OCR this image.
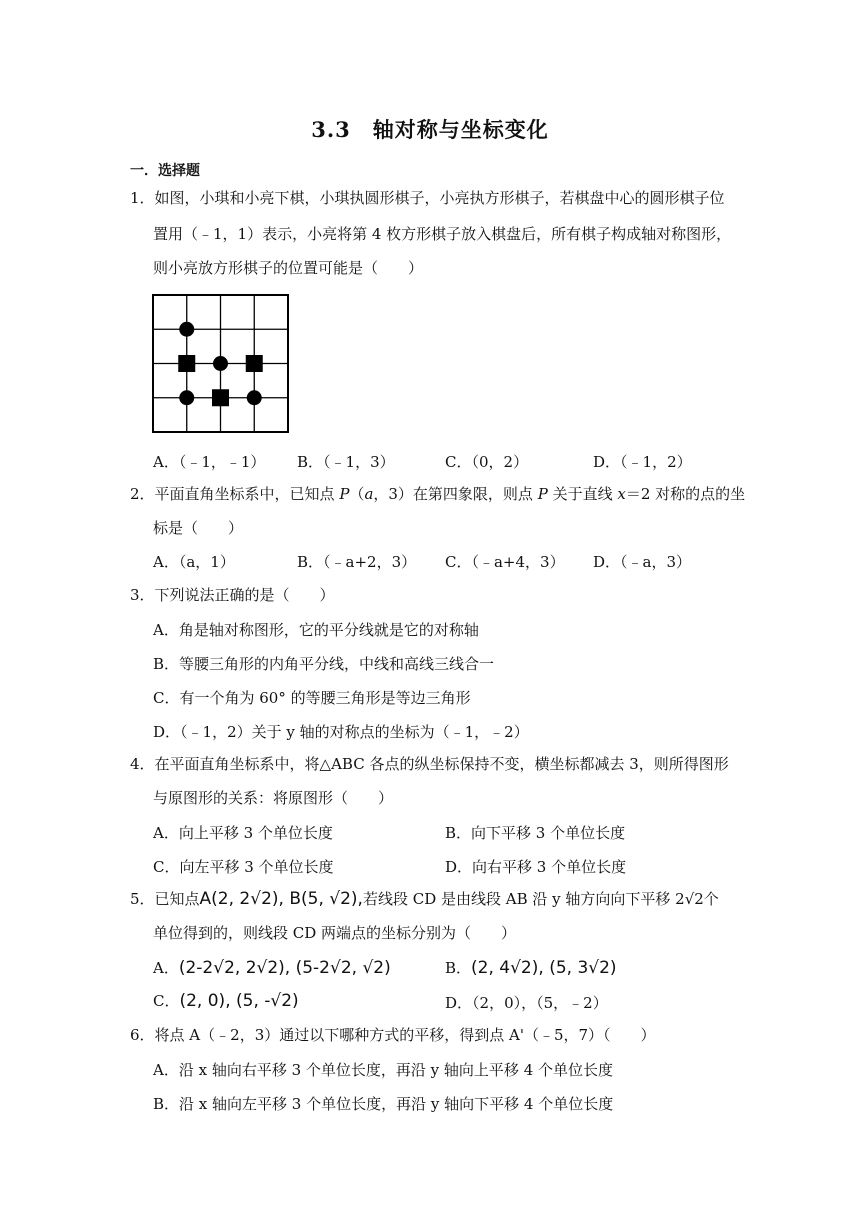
3.3　轴对称与坐标变化
一．选择题
1．如图，小琪和小亮下棋，小琪执圆形棋子，小亮执方形棋子，若棋盘中心的圆形棋子位
置用（﹣1，1）表示，小亮将第 4 枚方形棋子放入棋盘后，所有棋子构成轴对称图形，
则小亮放方形棋子的位置可能是（　　）
A．（﹣1，﹣1） B．（﹣1，3）	C．（0，2）	D．（﹣1，2）
2．平面直角坐标系中，已知点 P（a，3）在第四象限，则点 P 关于直线 x＝2 对称的点的坐
标是（　　）
A．（a，1）	B．（﹣a+2，3） C．（﹣a+4，3） D．（﹣a，3）
3．下列说法正确的是（　　）
A．角是轴对称图形，它的平分线就是它的对称轴
B．等腰三角形的内角平分线，中线和高线三线合一
C．有一个角为 60° 的等腰三角形是等边三角形
D．（﹣1，2）关于 y 轴的对称点的坐标为（﹣1，﹣2）
4．在平面直角坐标系中，将△ABC 各点的纵坐标保持不变，横坐标都减去 3，则所得图形
与原图形的关系：将原图形（　　）
A．向上平移 3 个单位长度	B．向下平移 3 个单位长度
C．向左平移 3 个单位长度	D．向右平移 3 个单位长度
5．已知点A(2, 2√2), B(5, √2),若线段 CD 是由线段 AB 沿 y 轴方向向下平移 2√2个
单位得到的，则线段 CD 两端点的坐标分别为（　　）
A．(2-2√2, 2√2), (5-2√2, √2)	B．(2, 4√2), (5, 3√2)
C．(2, 0), (5, -√2)	D．（2，0），（5，﹣2）
6．将点 A（﹣2，3）通过以下哪种方式的平移，得到点 A'（﹣5，7）（　　）
A．沿 x 轴向右平移 3 个单位长度，再沿 y 轴向上平移 4 个单位长度
B．沿 x 轴向左平移 3 个单位长度，再沿 y 轴向下平移 4 个单位长度
